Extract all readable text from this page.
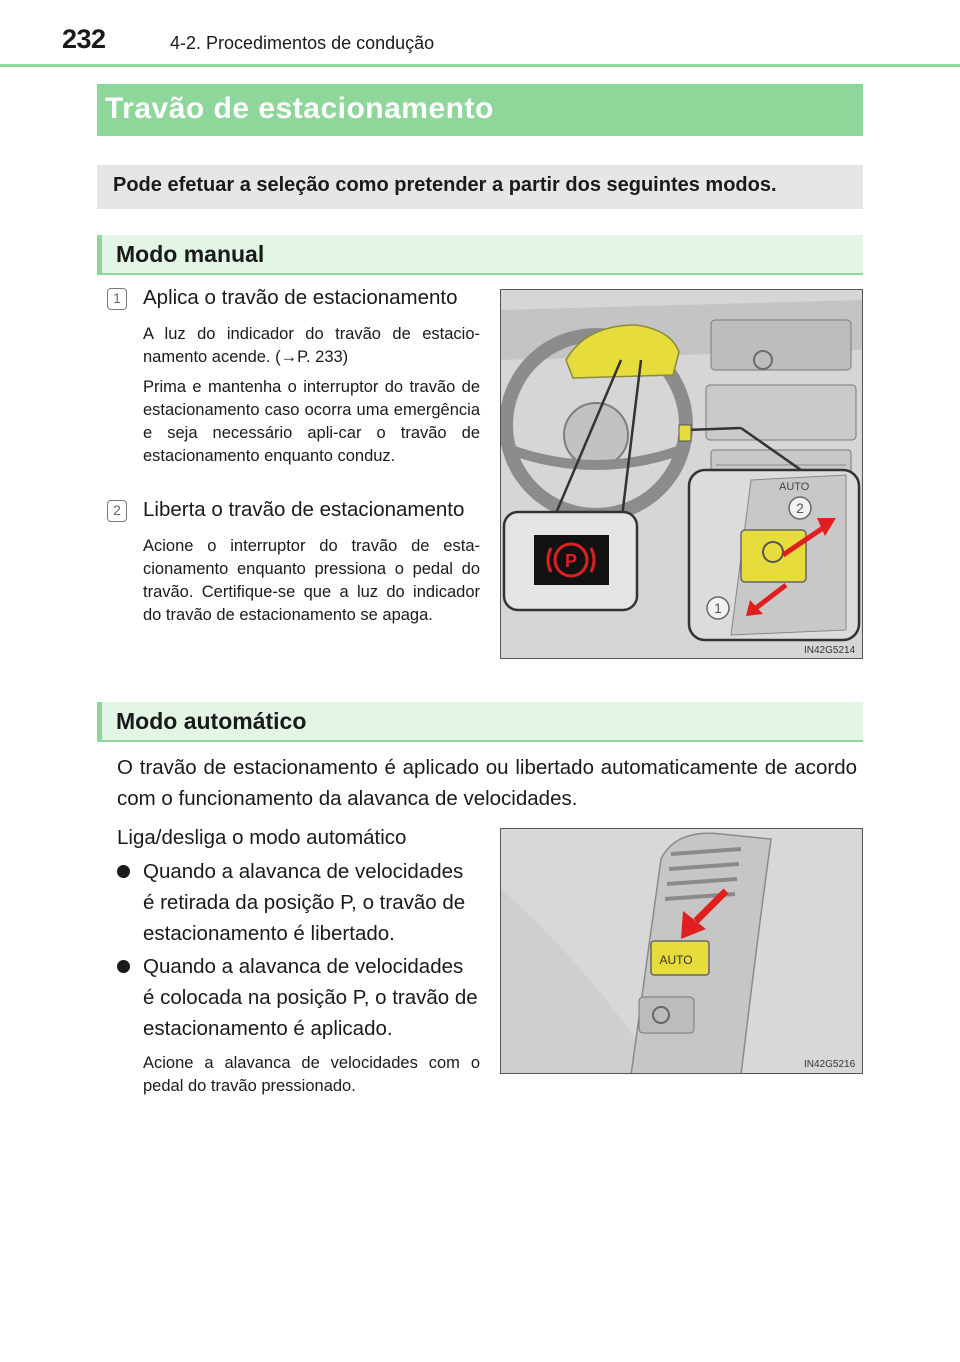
232	4-2. Procedimentos de condução
Travão de estacionamento
Pode efetuar a seleção como pretender a partir dos seguintes modos.
Modo manual
1 Aplica o travão de estacionamento
A luz do indicador do travão de estacio-namento acende. (→P. 233)
Prima e mantenha o interruptor do travão de estacionamento caso ocorra uma emergência e seja necessário apli-car o travão de estacionamento enquanto conduz.
2 Liberta o travão de estacionamento
Acione o interruptor do travão de esta-cionamento enquanto pressiona o pedal do travão. Certifique-se que a luz do indicador do travão de estacionamento se apaga.
P
AUTO
2
1
IN42G5214
Modo automático
O travão de estacionamento é aplicado ou libertado automaticamente de acordo com o funcionamento da alavanca de velocidades.
Liga/desliga o modo automático
Quando a alavanca de velocidades é retirada da posição P, o travão de estacionamento é libertado.
Quando a alavanca de velocidades é colocada na posição P, o travão de estacionamento é aplicado.
Acione a alavanca de velocidades com o pedal do travão pressionado.
AUTO
IN42G5216
